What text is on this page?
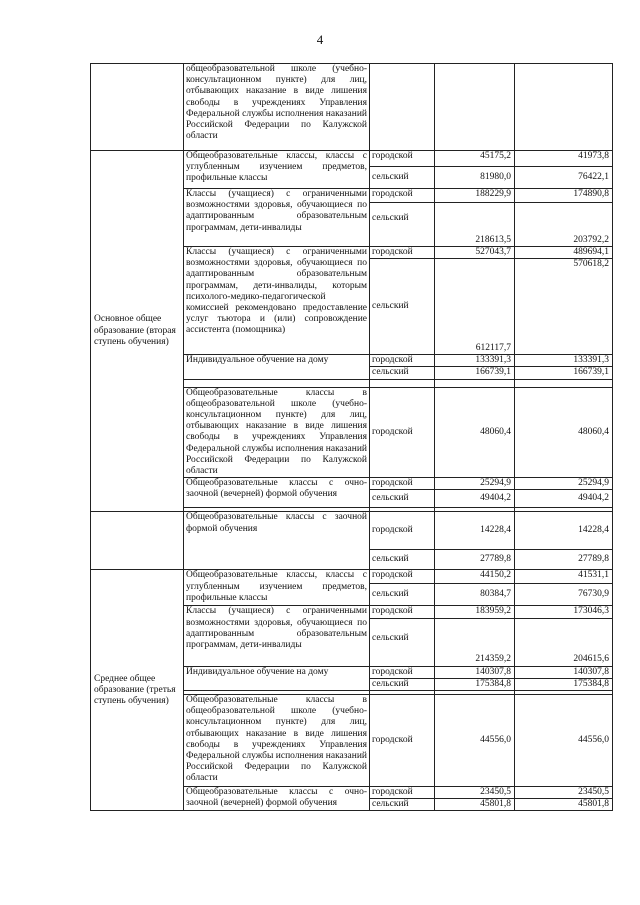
4
	общеобразовательной школе (учебно-консультационном пункте) для лиц, отбывающих наказание в виде лишения свободы в учреждениях Управления Федеральной службы исполнения наказаний Российской Федерации по Калужской области			
Основное общее образование (вторая ступень обучения)	Общеобразовательные классы, классы с углубленным изучением предметов, профильные классы	городской	45175,2	41973,8
		сельский	81980,0	76422,1
	Классы (учащиеся) с ограниченными возможностями здоровья, обучающиеся по адаптированным образовательным программам, дети-инвалиды	городской	188229,9	174890,8
		сельский	218613,5	203792,2
	Классы (учащиеся) с ограниченными возможностями здоровья, обучающиеся по адаптированным образовательным программам, дети-инвалиды, которым психолого-медико-педагогической комиссией рекомендовано предоставление услуг тьютора и (или) сопровождение ассистента (помощника)	городской	527043,7	489694,1
		сельский	612117,7	570618,2
	Индивидуальное обучение на дому	городской	133391,3	133391,3
		сельский	166739,1	166739,1

	Общеобразовательные классы в общеобразовательной школе (учебно-консультационном пункте) для лиц, отбывающих наказание в виде лишения свободы в учреждениях Управления Федеральной службы исполнения наказаний Российской Федерации по Калужской области	городской	48060,4	48060,4
	Общеобразовательные классы с очно-заочной (вечерней) формой обучения	городской	25294,9	25294,9
		сельский	49404,2	49404,2

	Общеобразовательные классы с заочной формой обучения	городской	14228,4	14228,4
		сельский	27789,8	27789,8
Среднее общее образование (третья ступень обучения)	Общеобразовательные классы, классы с углубленным изучением предметов, профильные классы	городской	44150,2	41531,1
		сельский	80384,7	76730,9
	Классы (учащиеся) с ограниченными возможностями здоровья, обучающиеся по адаптированным образовательным программам, дети-инвалиды	городской	183959,2	173046,3
		сельский	214359,2	204615,6
	Индивидуальное обучение на дому	городской	140307,8	140307,8
		сельский	175384,8	175384,8

	Общеобразовательные классы в общеобразовательной школе (учебно-консультационном пункте) для лиц, отбывающих наказание в виде лишения свободы в учреждениях Управления Федеральной службы исполнения наказаний Российской Федерации по Калужской области	городской	44556,0	44556,0
	Общеобразовательные классы с очно-заочной (вечерней) формой обучения	городской	23450,5	23450,5
		сельский	45801,8	45801,8
